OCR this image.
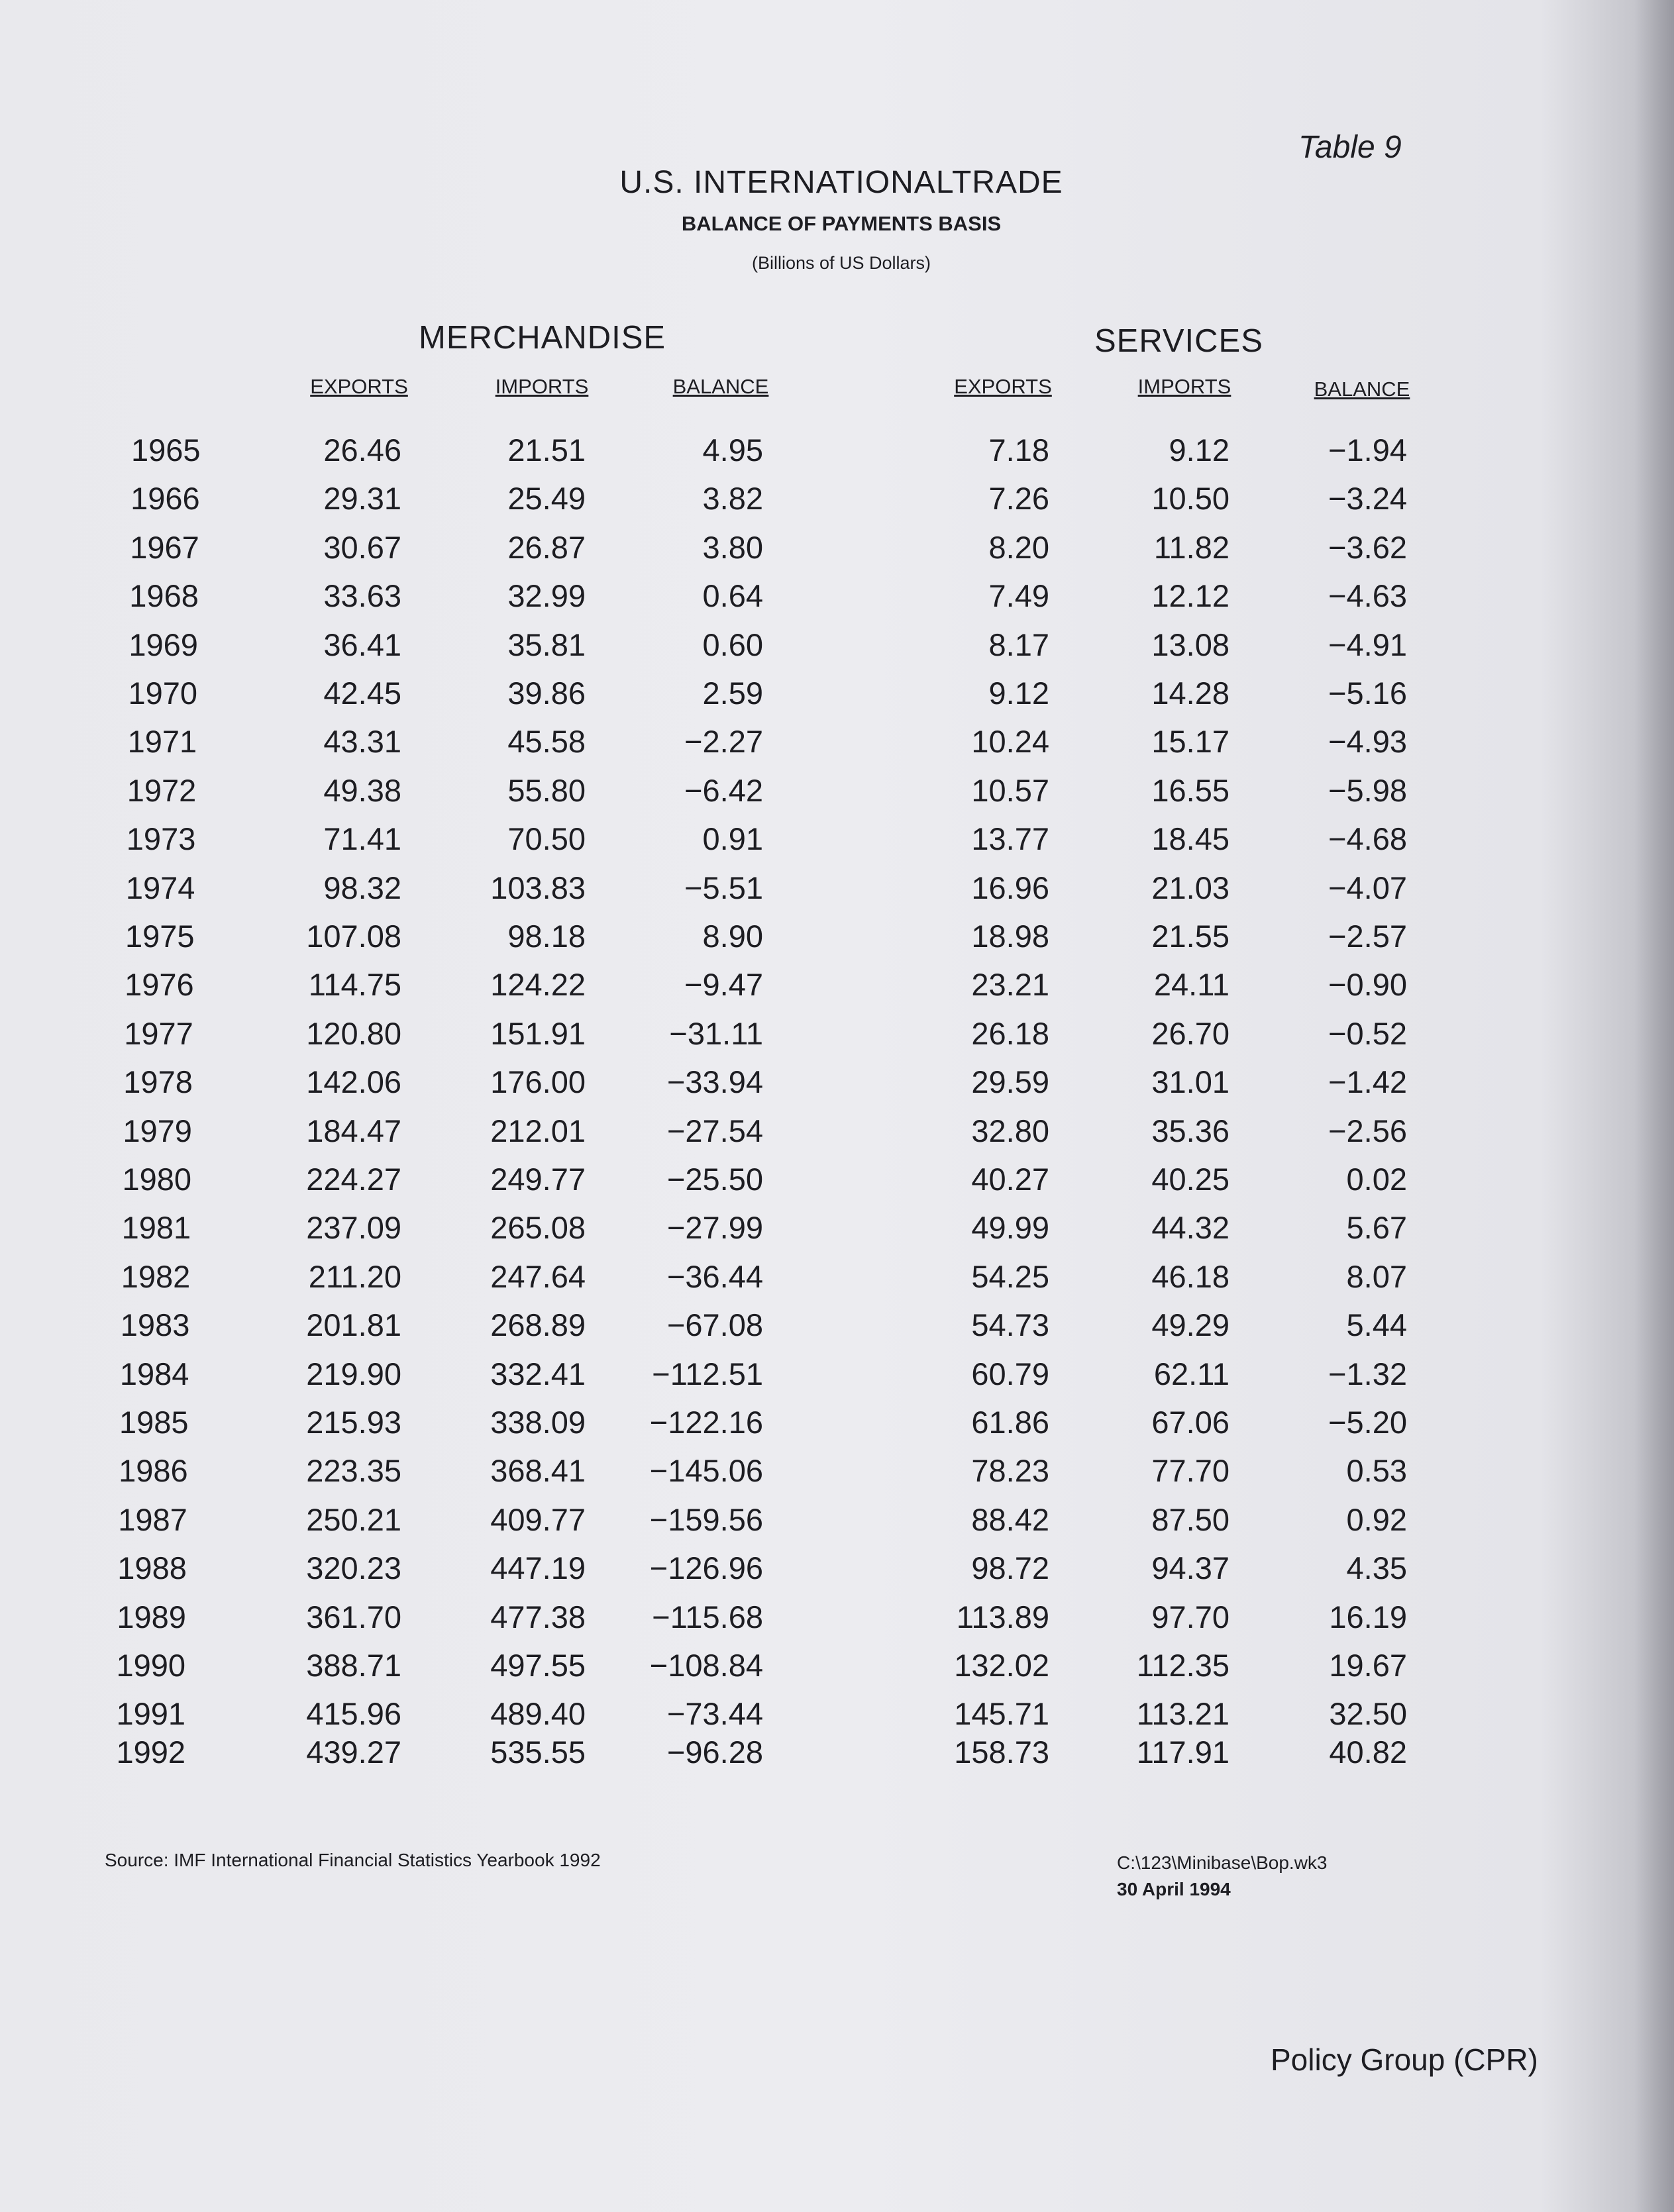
Table 9
U.S. INTERNATIONALTRADE
BALANCE OF PAYMENTS BASIS
(Billions of US Dollars)
MERCHANDISE	SERVICES
EXPORTS	IMPORTS	BALANCE	EXPORTS	IMPORTS	BALANCE
1965	26.46	21.51	4.95	7.18	9.12	−1.94
1966	29.31	25.49	3.82	7.26	10.50	−3.24
1967	30.67	26.87	3.80	8.20	11.82	−3.62
1968	33.63	32.99	0.64	7.49	12.12	−4.63
1969	36.41	35.81	0.60	8.17	13.08	−4.91
1970	42.45	39.86	2.59	9.12	14.28	−5.16
1971	43.31	45.58	−2.27	10.24	15.17	−4.93
1972	49.38	55.80	−6.42	10.57	16.55	−5.98
1973	71.41	70.50	0.91	13.77	18.45	−4.68
1974	98.32	103.83	−5.51	16.96	21.03	−4.07
1975	107.08	98.18	8.90	18.98	21.55	−2.57
1976	114.75	124.22	−9.47	23.21	24.11	−0.90
1977	120.80	151.91	−31.11	26.18	26.70	−0.52
1978	142.06	176.00	−33.94	29.59	31.01	−1.42
1979	184.47	212.01	−27.54	32.80	35.36	−2.56
1980	224.27	249.77	−25.50	40.27	40.25	0.02
1981	237.09	265.08	−27.99	49.99	44.32	5.67
1982	211.20	247.64	−36.44	54.25	46.18	8.07
1983	201.81	268.89	−67.08	54.73	49.29	5.44
1984	219.90	332.41	−112.51	60.79	62.11	−1.32
1985	215.93	338.09	−122.16	61.86	67.06	−5.20
1986	223.35	368.41	−145.06	78.23	77.70	0.53
1987	250.21	409.77	−159.56	88.42	87.50	0.92
1988	320.23	447.19	−126.96	98.72	94.37	4.35
1989	361.70	477.38	−115.68	113.89	97.70	16.19
1990	388.71	497.55	−108.84	132.02	112.35	19.67
1991	415.96	489.40	−73.44	145.71	113.21	32.50
1992	439.27	535.55	−96.28	158.73	117.91	40.82
Source: IMF International Financial Statistics Yearbook 1992	C:\123\Minibase\Bop.wk3
30 April 1994
Policy Group (CPR)
